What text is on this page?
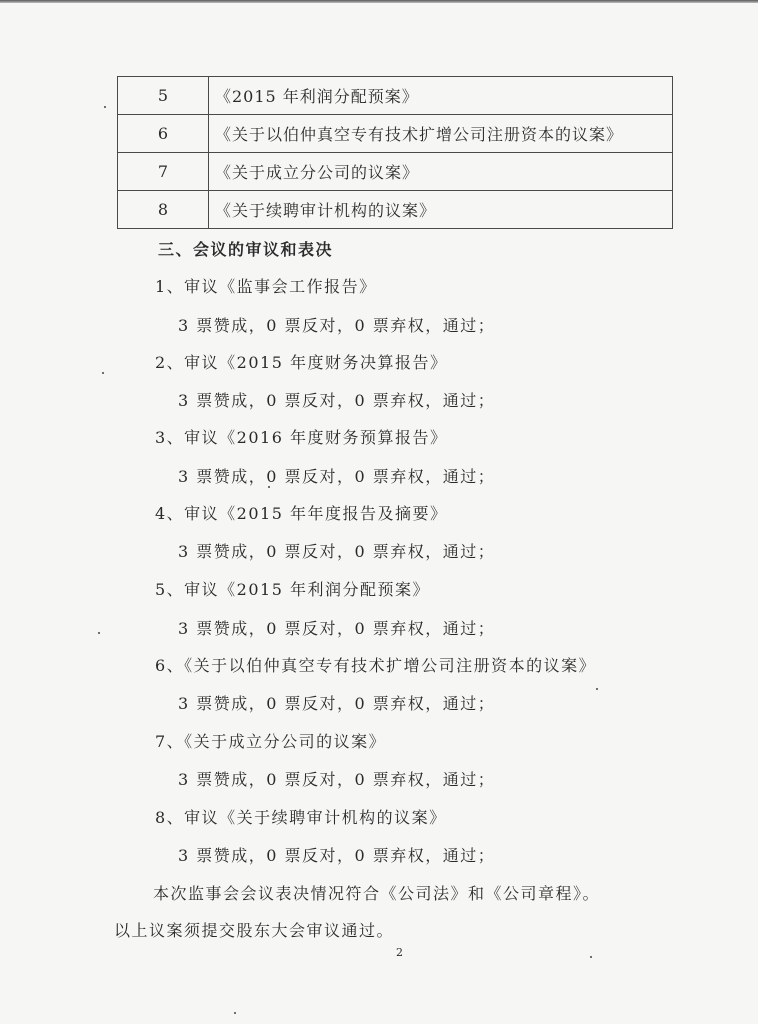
5	《2015 年利润分配预案》
6	《关于以伯仲真空专有技术扩增公司注册资本的议案》
7	《关于成立分公司的议案》
8	《关于续聘审计机构的议案》
三、会议的审议和表决
1、审议《监事会工作报告》
3 票赞成，0 票反对，0 票弃权，通过；
2、审议《2015 年度财务决算报告》
3 票赞成，0 票反对，0 票弃权，通过；
3、审议《2016 年度财务预算报告》
3 票赞成，0 票反对，0 票弃权，通过；
4、审议《2015 年年度报告及摘要》
3 票赞成，0 票反对，0 票弃权，通过；
5、审议《2015 年利润分配预案》
3 票赞成，0 票反对，0 票弃权，通过；
6、《关于以伯仲真空专有技术扩增公司注册资本的议案》
3 票赞成，0 票反对，0 票弃权，通过；
7、《关于成立分公司的议案》
3 票赞成，0 票反对，0 票弃权，通过；
8、审议《关于续聘审计机构的议案》
3 票赞成，0 票反对，0 票弃权，通过；
本次监事会会议表决情况符合《公司法》和《公司章程》。
以上议案须提交股东大会审议通过。
2
